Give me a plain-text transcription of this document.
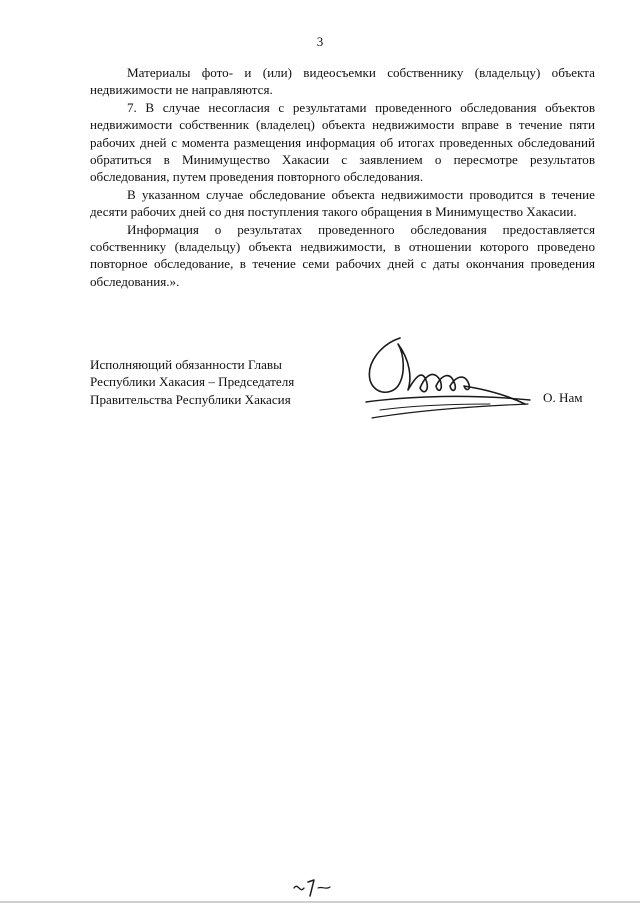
3

Материалы фото- и (или) видеосъемки собственнику (владельцу) объекта недвижимости не направляются.

7. В случае несогласия с результатами проведенного обследования объектов недвижимости собственник (владелец) объекта недвижимости вправе в течение пяти рабочих дней с момента размещения информация об итогах проведенных обследований обратиться в Минимущество Хакасии с заявлением о пересмотре результатов обследования, путем проведения повторного обследования.

В указанном случае обследование объекта недвижимости проводится в течение десяти рабочих дней со дня поступления такого обращения в Минимущество Хакасии.

Информация о результатах проведенного обследования предоставляется собственнику (владельцу) объекта недвижимости, в отношении которого проведено повторное обследование, в течение семи рабочих дней с даты окончания проведения обследования.».

Исполняющий обязанности Главы
Республики Хакасия – Председателя
Правительства Республики Хакасия	О. Нам
